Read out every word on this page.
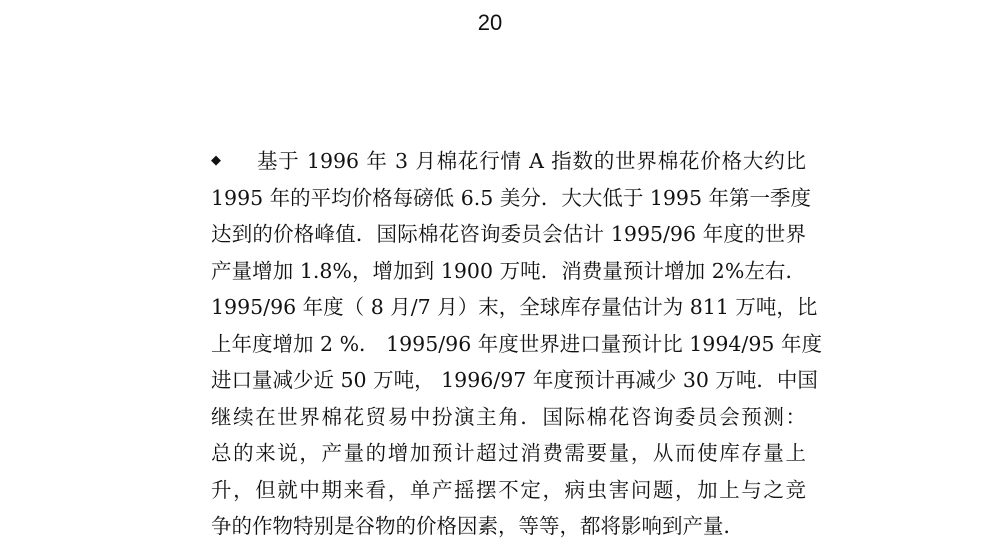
20
◆	基于 1996 年 3 月棉花行情 A 指数的世界棉花价格大约比
1995 年的平均价格每磅低 6.5 美分．大大低于 1995 年第一季度
达到的价格峰值．国际棉花咨询委员会估计 1995/96 年度的世界
产量增加 1.8%，增加到 1900 万吨．消费量预计增加 2%左右．
1995/96 年度（ 8 月/7 月）末，全球库存量估计为 811 万吨，比
上年度增加 2 %． 1995/96 年度世界进口量预计比 1994/95 年度
进口量减少近 50 万吨， 1996/97 年度预计再减少 30 万吨．中国
继续在世界棉花贸易中扮演主角．国际棉花咨询委员会预测：
总的来说，产量的增加预计超过消费需要量，从而使库存量上
升，但就中期来看，单产摇摆不定，病虫害问题，加上与之竞
争的作物特别是谷物的价格因素，等等，都将影响到产量．
